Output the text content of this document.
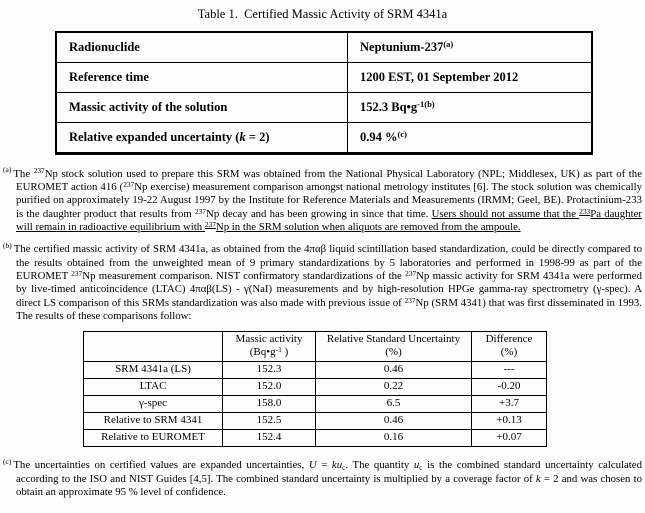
Table 1.  Certified Massic Activity of SRM 4341a
Radionuclide	Neptunium-237$^{(a)}$
Reference time	1200 EST, 01 September 2012
Massic activity of the solution	152.3 $Bq•g^{-1(b)}$
Relative expanded uncertainty (k = 2)	0.94 %$^{(c)}$
$^{(a)}$ The $^{237}$Np stock solution used to prepare this SRM was obtained from the National Physical Laboratory (NPL; Middlesex, UK) as part of the EUROMET action 416 ($^{237}$Np exercise) measurement comparison amongst national metrology institutes [6]. The stock solution was chemically purified on approximately 19-22 August 1997 by the Institute for Reference Materials and Measurements (IRMM; Geel, BE). Protactinium-233 is the daughter product that results from $^{237}$Np decay and has been growing in since that time. Users should not assume that the $^{233}$Pa daughter will remain in radioactive equilibrium with $^{237}$Np in the SRM solution when aliquots are removed from the ampoule.
$^{(b)}$ The certified massic activity of SRM 4341a, as obtained from the 4παβ liquid scintillation based standardization, could be directly compared to the results obtained from the unweighted mean of 9 primary standardizations by 5 laboratories and performed in 1998-99 as part of the EUROMET $^{237}$Np measurement comparison. NIST confirmatory standardizations of the $^{237}$Np massic activity for SRM 4341a were performed by live-timed anticoincidence (LTAC) 4παβ(LS) - γ(NaI) measurements and by high-resolution HPGe gamma-ray spectrometry (γ-spec). A direct LS comparison of this SRMs standardization was also made with previous issue of $^{237}$Np (SRM 4341) that was first disseminated in 1993. The results of these comparisons follow:

Massic activity
($Bq•g^{-1}$ )

Relative Standard Uncertainty
(%)

Difference
(%)

SRM 4341a (LS)	152.3	0.46	---
LTAC	152.0	0.22	-0.20
γ-spec	158.0	6.5	+3.7
Relative to SRM 4341	152.5	0.46	+0.13
Relative to EUROMET	152.4	0.16	+0.07
$^{(c)}$ The uncertainties on certified values are expanded uncertainties, U = kuc. The quantity uc is the combined standard uncertainty calculated according to the ISO and NIST Guides [4,5]. The combined standard uncertainty is multiplied by a coverage factor of k = 2 and was chosen to obtain an approximate 95 % level of confidence.
